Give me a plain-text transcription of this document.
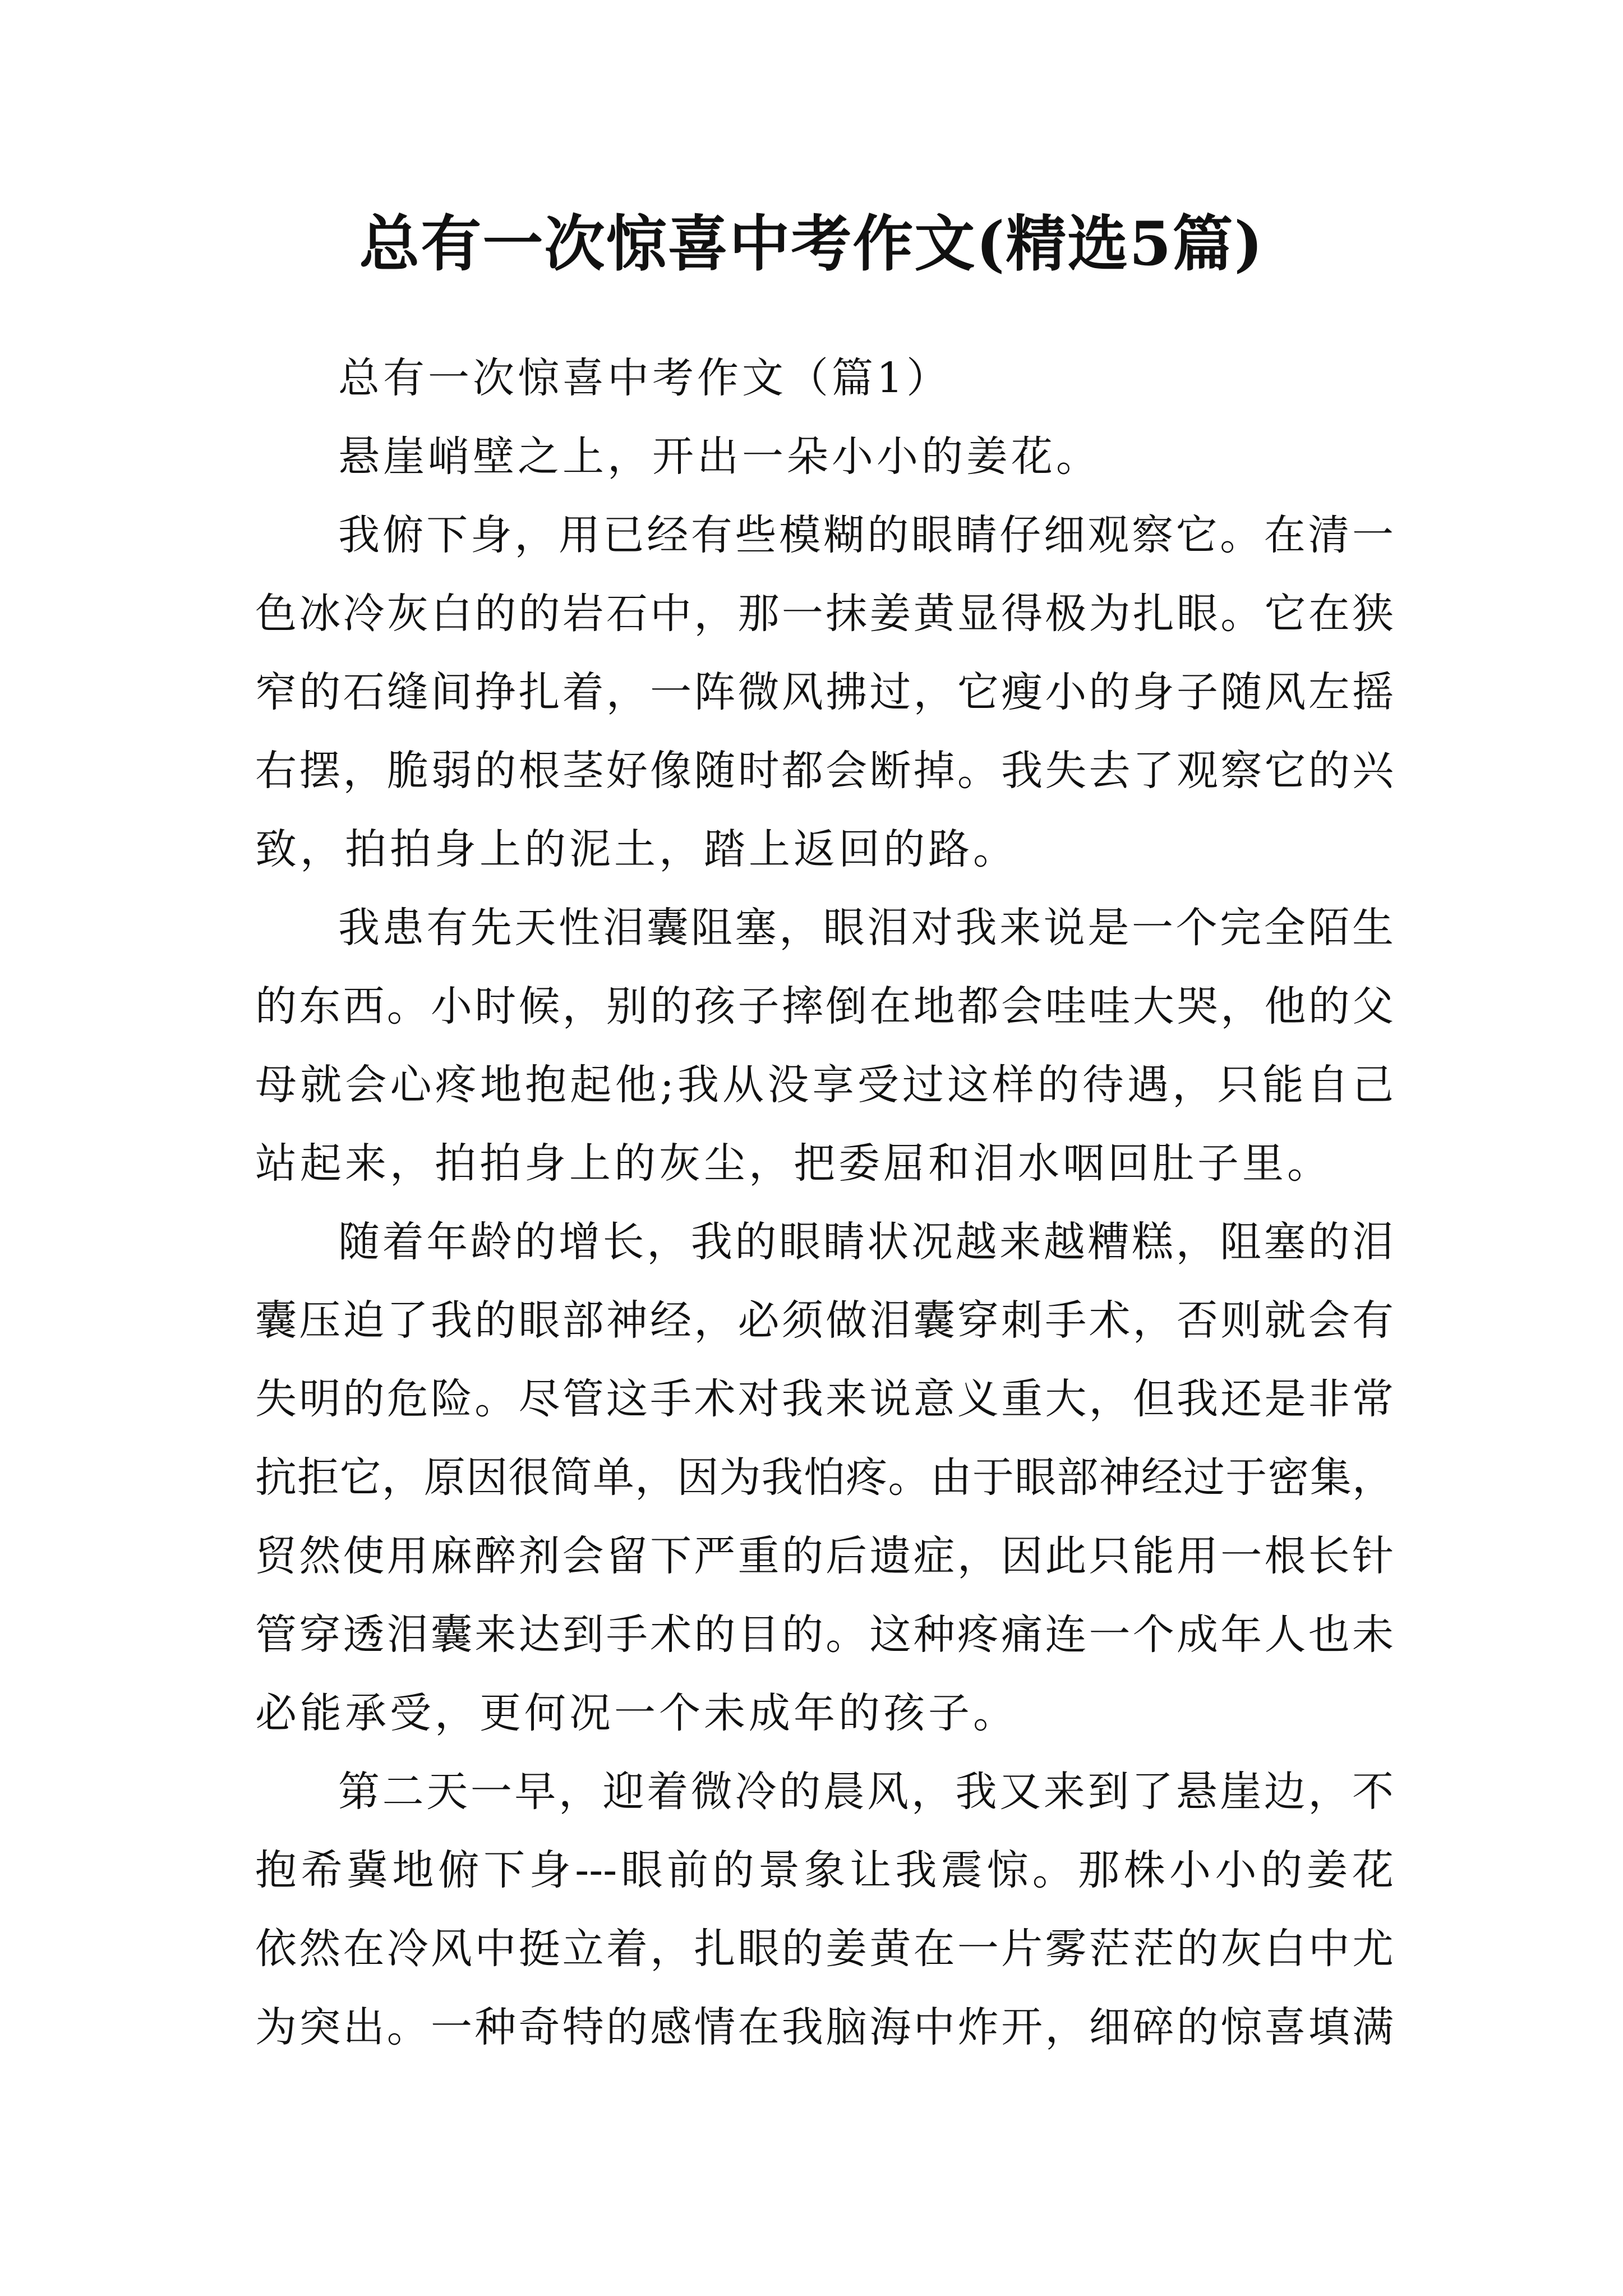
总有一次惊喜中考作文(精选5篇)
总有一次惊喜中考作文（篇1）
悬崖峭壁之上，开出一朵小小的姜花。
我俯下身，用已经有些模糊的眼睛仔细观察它。在清一
色冰冷灰白的的岩石中，那一抹姜黄显得极为扎眼。它在狭
窄的石缝间挣扎着，一阵微风拂过，它瘦小的身子随风左摇
右摆，脆弱的根茎好像随时都会断掉。我失去了观察它的兴
致，拍拍身上的泥土，踏上返回的路。
我患有先天性泪囊阻塞，眼泪对我来说是一个完全陌生
的东西。小时候，别的孩子摔倒在地都会哇哇大哭，他的父
母就会心疼地抱起他;我从没享受过这样的待遇，只能自己
站起来，拍拍身上的灰尘，把委屈和泪水咽回肚子里。
随着年龄的增长，我的眼睛状况越来越糟糕，阻塞的泪
囊压迫了我的眼部神经，必须做泪囊穿刺手术，否则就会有
失明的危险。尽管这手术对我来说意义重大，但我还是非常
抗拒它，原因很简单，因为我怕疼。由于眼部神经过于密集，
贸然使用麻醉剂会留下严重的后遗症，因此只能用一根长针
管穿透泪囊来达到手术的目的。这种疼痛连一个成年人也未
必能承受，更何况一个未成年的孩子。
第二天一早，迎着微冷的晨风，我又来到了悬崖边，不
抱希冀地俯下身---眼前的景象让我震惊。那株小小的姜花
依然在冷风中挺立着，扎眼的姜黄在一片雾茫茫的灰白中尤
为突出。一种奇特的感情在我脑海中炸开，细碎的惊喜填满
